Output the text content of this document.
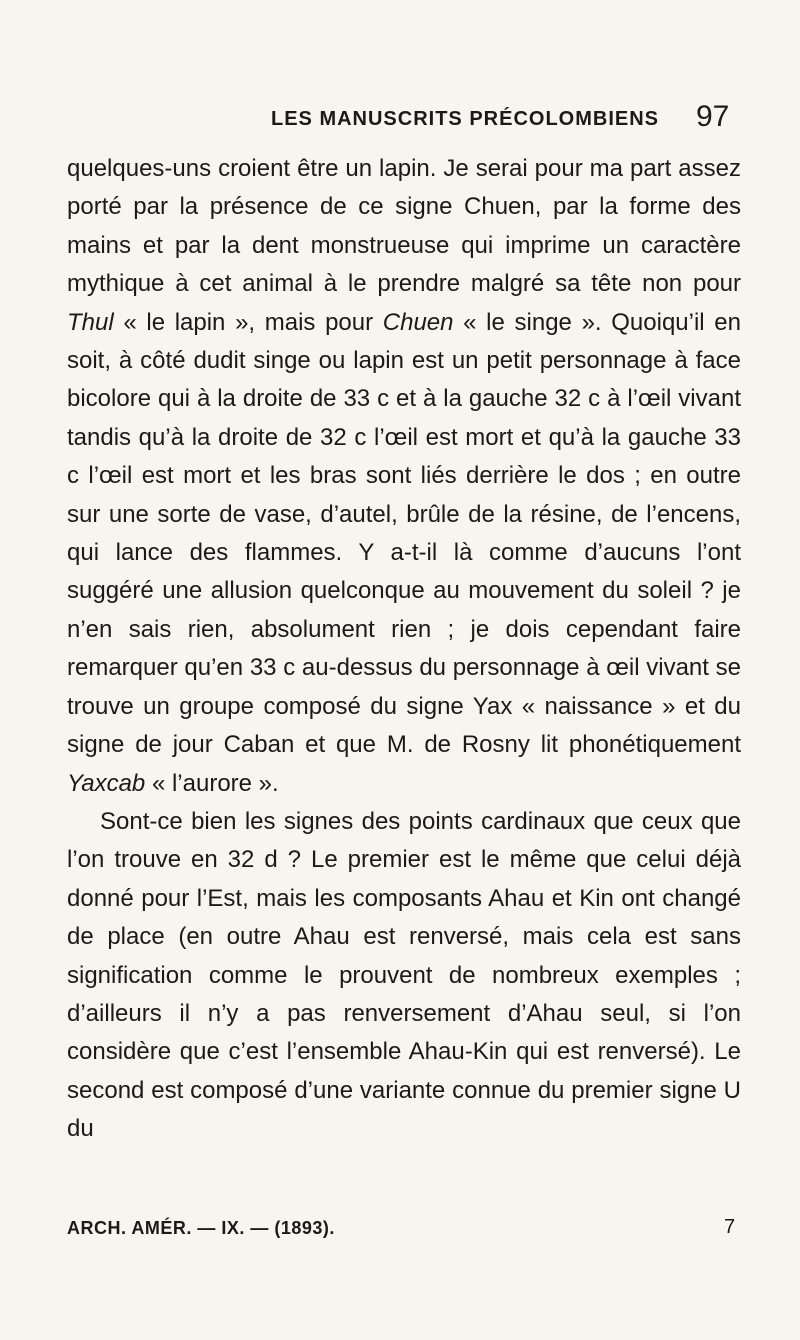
LES MANUSCRITS PRÉCOLOMBIENS	97

quelques-uns croient être un lapin. Je serai pour ma part assez porté par la présence de ce signe Chuen, par la forme des mains et par la dent monstrueuse qui imprime un caractère mythique à cet animal à le prendre malgré sa tête non pour Thul « le lapin », mais pour Chuen « le singe ». Quoiqu’il en soit, à côté dudit singe ou lapin est un petit personnage à face bicolore qui à la droite de 33 c et à la gauche 32 c à l’œil vivant tandis qu’à la droite de 32 c l’œil est mort et qu’à la gauche 33 c l’œil est mort et les bras sont liés derrière le dos ; en outre sur une sorte de vase, d’autel, brûle de la résine, de l’encens, qui lance des flammes. Y a-t-il là comme d’aucuns l’ont suggéré une allusion quelconque au mouvement du soleil ? je n’en sais rien, absolument rien ; je dois cependant faire remarquer qu’en 33 c au-dessus du personnage à œil vivant se trouve un groupe composé du signe Yax « naissance » et du signe de jour Caban et que M. de Rosny lit phonétiquement Yaxcab « l’aurore ».

Sont-ce bien les signes des points cardinaux que ceux que l’on trouve en 32 d ? Le premier est le même que celui déjà donné pour l’Est, mais les composants Ahau et Kin ont changé de place (en outre Ahau est renversé, mais cela est sans signification comme le prouvent de nombreux exemples ; d’ailleurs il n’y a pas renversement d’Ahau seul, si l’on considère que c’est l’ensemble Ahau-Kin qui est renversé). Le second est composé d’une variante connue du premier signe U du

ARCH. AMÉR. — IX. — (1893).	7
